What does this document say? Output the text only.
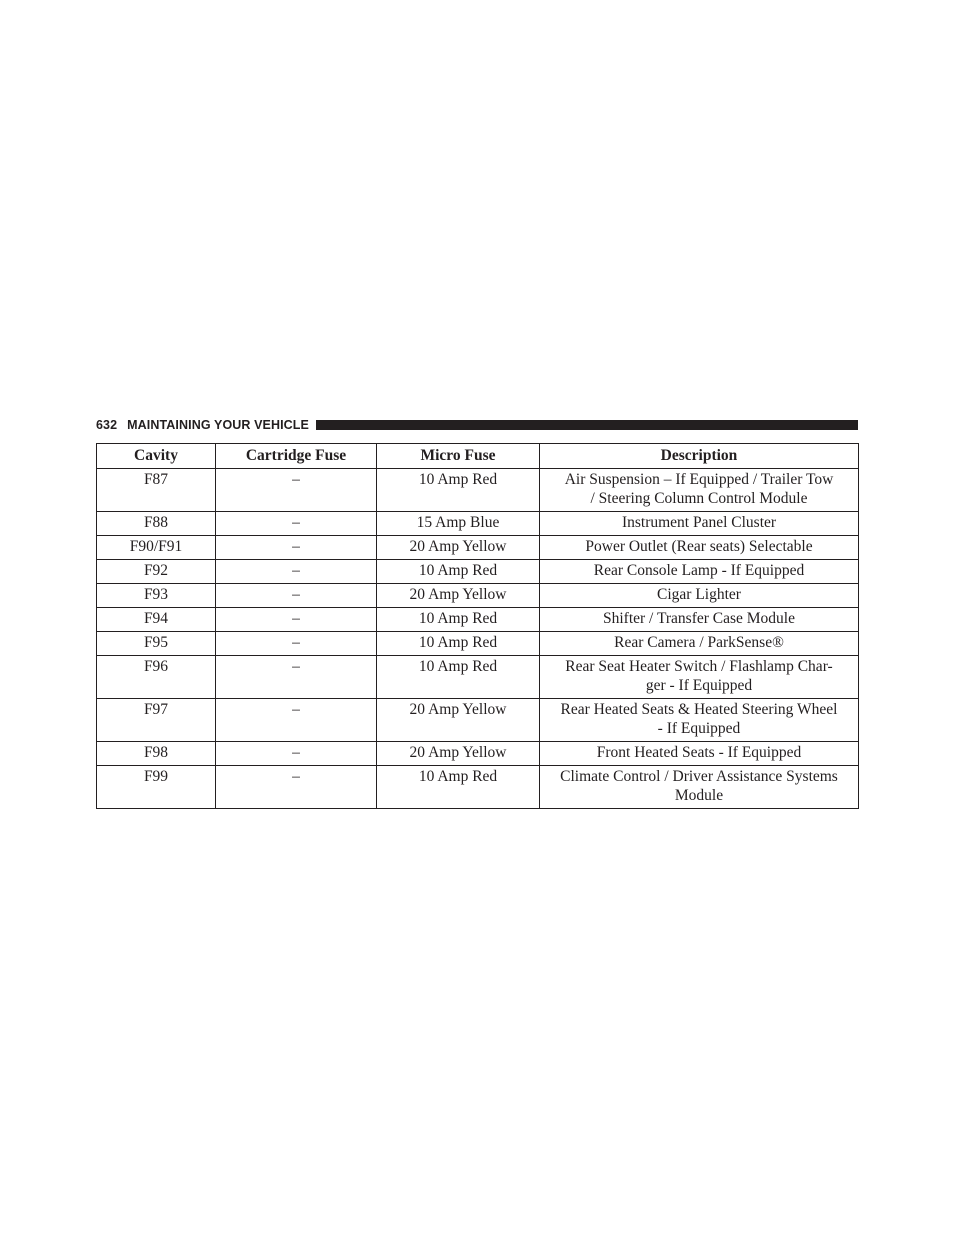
632 MAINTAINING YOUR VEHICLE
Cavity	Cartridge Fuse	Micro Fuse	Description
F87	–	10 Amp Red	Air Suspension – If Equipped / Trailer Tow
/ Steering Column Control Module

F88	–	15 Amp Blue	Instrument Panel Cluster

F90/F91	–	20 Amp Yellow	Power Outlet (Rear seats) Selectable

F92	–	10 Amp Red	Rear Console Lamp - If Equipped

F93	–	20 Amp Yellow	Cigar Lighter

F94	–	10 Amp Red	Shifter / Transfer Case Module

F95	–	10 Amp Red	Rear Camera / ParkSense®

F96	–	10 Amp Red	Rear Seat Heater Switch / Flashlamp Char-
ger - If Equipped

F97	–	20 Amp Yellow	Rear Heated Seats & Heated Steering Wheel
- If Equipped

F98	–	20 Amp Yellow	Front Heated Seats - If Equipped

F99	–	10 Amp Red	Climate Control / Driver Assistance Systems
Module
